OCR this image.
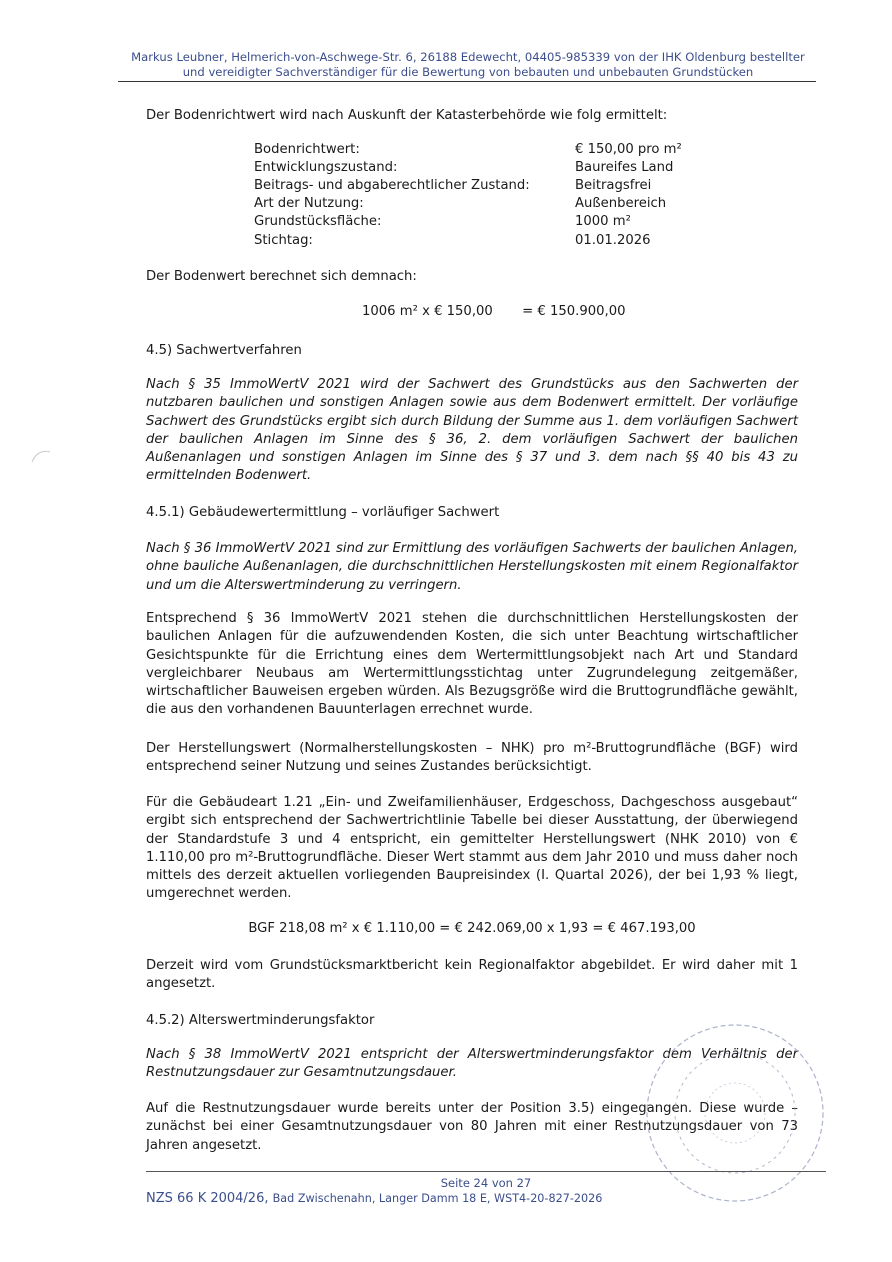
Markus Leubner, Helmerich-von-Aschwege-Str. 6, 26188 Edewecht, 04405-985339 von der IHK Oldenburg bestellter
und vereidigter Sachverständiger für die Bewertung von bebauten und unbebauten Grundstücken
Der Bodenrichtwert wird nach Auskunft der Katasterbehörde wie folg ermittelt:
Bodenrichtwert:	€ 150,00 pro m²
Entwicklungszustand:	Baureifes Land
Beitrags- und abgaberechtlicher Zustand:	Beitragsfrei
Art der Nutzung:	Außenbereich
Grundstücksfläche:	1000 m²
Stichtag:	01.01.2026
Der Bodenwert berechnet sich demnach:
1006 m² x € 150,00       = € 150.900,00
4.5) Sachwertverfahren
Nach § 35 ImmoWertV 2021 wird der Sachwert des Grundstücks aus den Sachwerten der nutzbaren baulichen und sonstigen Anlagen sowie aus dem Bodenwert ermittelt. Der vorläufige Sachwert des Grundstücks ergibt sich durch Bildung der Summe aus 1. dem vorläufigen Sachwert der baulichen Anlagen im Sinne des § 36, 2. dem vorläufigen Sachwert der baulichen Außenanlagen und sonstigen Anlagen im Sinne des § 37 und 3. dem nach §§ 40 bis 43 zu ermittelnden Bodenwert.
4.5.1) Gebäudewertermittlung – vorläufiger Sachwert
Nach § 36 ImmoWertV 2021 sind zur Ermittlung des vorläufigen Sachwerts der baulichen Anlagen, ohne bauliche Außenanlagen, die durchschnittlichen Herstellungskosten mit einem Regionalfaktor und um die Alterswertminderung zu verringern.
Entsprechend § 36 ImmoWertV 2021 stehen die durchschnittlichen Herstellungskosten der baulichen Anlagen für die aufzuwendenden Kosten, die sich unter Beachtung wirtschaftlicher Gesichtspunkte für die Errichtung eines dem Wertermittlungsobjekt nach Art und Standard vergleichbarer Neubaus am Wertermittlungsstichtag unter Zugrundelegung zeitgemäßer, wirtschaftlicher Bauweisen ergeben würden. Als Bezugsgröße wird die Bruttogrundfläche gewählt, die aus den vorhandenen Bauunterlagen errechnet wurde.
Der Herstellungswert (Normalherstellungskosten – NHK) pro m²-Bruttogrundfläche (BGF) wird entsprechend seiner Nutzung und seines Zustandes berücksichtigt.
Für die Gebäudeart 1.21 „Ein- und Zweifamilienhäuser, Erdgeschoss, Dachgeschoss ausgebaut“ ergibt sich entsprechend der Sachwertrichtlinie Tabelle bei dieser Ausstattung, der überwiegend der Standardstufe 3 und 4 entspricht, ein gemittelter Herstellungswert (NHK 2010) von € 1.110,00 pro m²-Bruttogrundfläche. Dieser Wert stammt aus dem Jahr 2010 und muss daher noch mittels des derzeit aktuellen vorliegenden Baupreisindex (I. Quartal 2026), der bei 1,93 % liegt, umgerechnet werden.
BGF 218,08 m² x € 1.110,00 = € 242.069,00 x 1,93 = € 467.193,00
Derzeit wird vom Grundstücksmarktbericht kein Regionalfaktor abgebildet. Er wird daher mit 1 angesetzt.
4.5.2) Alterswertminderungsfaktor
Nach § 38 ImmoWertV 2021 entspricht der Alterswertminderungsfaktor dem Verhältnis der Restnutzungsdauer zur Gesamtnutzungsdauer.
Auf die Restnutzungsdauer wurde bereits unter der Position 3.5) eingegangen. Diese wurde – zunächst bei einer Gesamtnutzungsdauer von 80 Jahren mit einer Restnutzungsdauer von 73 Jahren angesetzt.
Seite 24 von 27
NZS 66 K 2004/26, Bad Zwischenahn, Langer Damm 18 E, WST4-20-827-2026
